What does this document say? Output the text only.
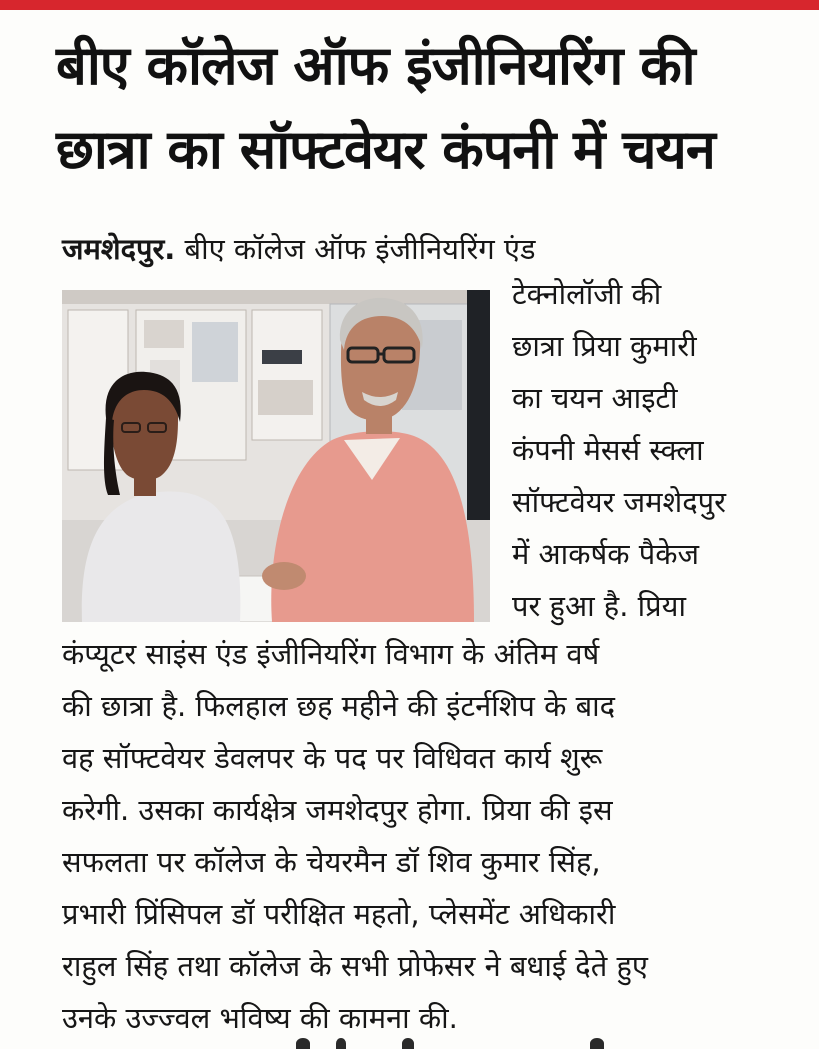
बीए कॉलेज ऑफ इंजीनियरिंग की
छात्रा का सॉफ्टवेयर कंपनी में चयन
जमशेदपुर. बीए कॉलेज ऑफ इंजीनियरिंग एंड
टेक्नोलॉजी की
छात्रा प्रिया कुमारी
का चयन आइटी
कंपनी मेसर्स स्क्ला
सॉफ्टवेयर जमशेदपुर
में आकर्षक पैकेज
पर हुआ है. प्रिया
कंप्यूटर साइंस एंड इंजीनियरिंग विभाग के अंतिम वर्ष
की छात्रा है. फिलहाल छह महीने की इंटर्नशिप के बाद
वह सॉफ्टवेयर डेवलपर के पद पर विधिवत कार्य शुरू
करेगी. उसका कार्यक्षेत्र जमशेदपुर होगा. प्रिया की इस
सफलता पर कॉलेज के चेयरमैन डॉ शिव कुमार सिंह,
प्रभारी प्रिंसिपल डॉ परीक्षित महतो, प्लेसमेंट अधिकारी
राहुल सिंह तथा कॉलेज के सभी प्रोफेसर ने बधाई देते हुए
उनके उज्ज्वल भविष्य की कामना की.
